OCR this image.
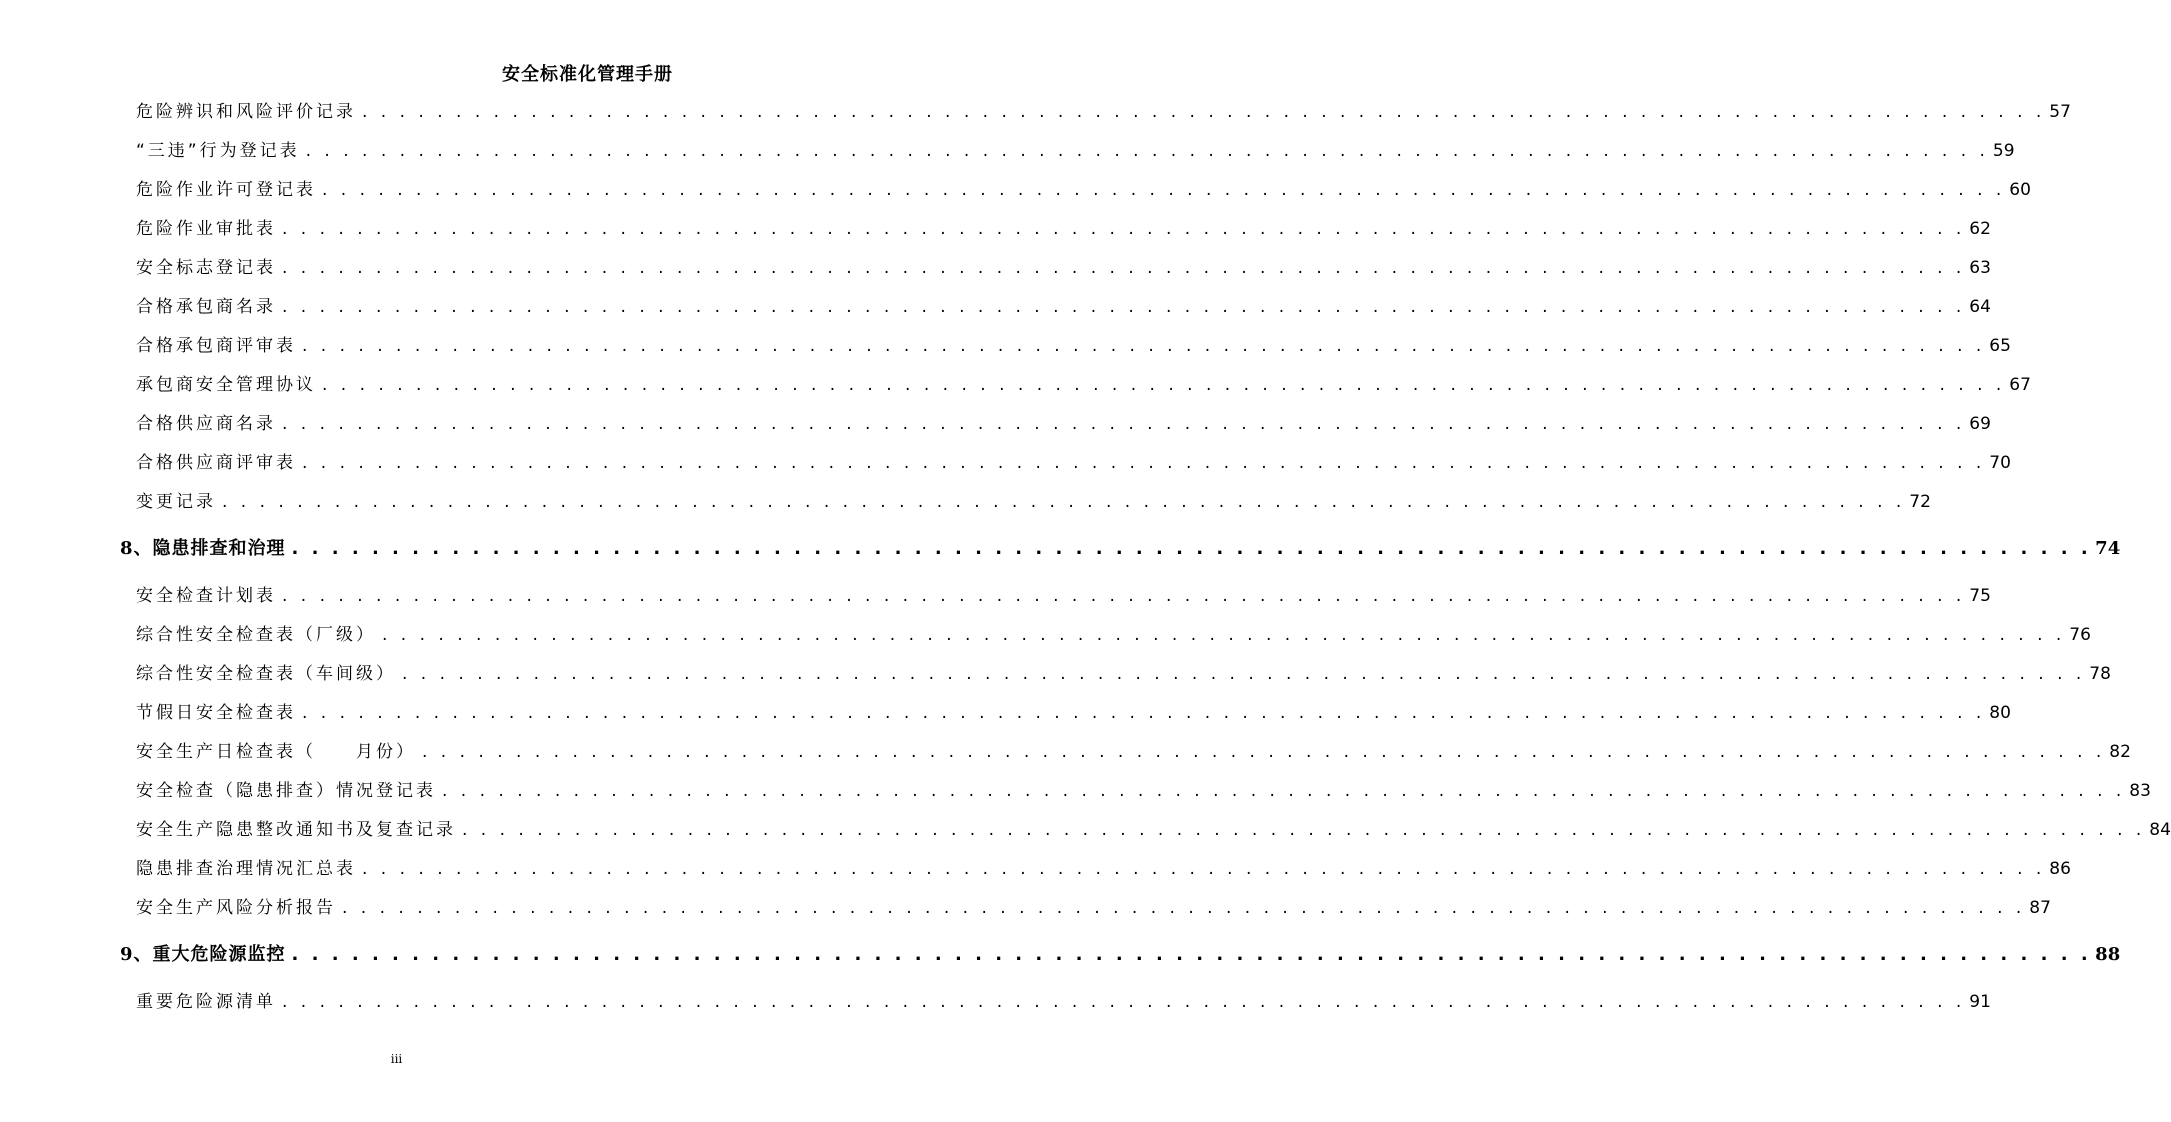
安全标准化管理手册
危险辨识和风险评价记录 . . . . . . . . . . . . . . . . . . . . . . . . . . . . . . . . . . . . . . . . . . . . . . . . . . . . . . . . . . . . . . . . . . . . . . . . . . . . . . . . . . . . . . . . . . 57
“三违”行为登记表 . . . . . . . . . . . . . . . . . . . . . . . . . . . . . . . . . . . . . . . . . . . . . . . . . . . . . . . . . . . . . . . . . . . . . . . . . . . . . . . . . . . . . . . . . . 59
危险作业许可登记表 . . . . . . . . . . . . . . . . . . . . . . . . . . . . . . . . . . . . . . . . . . . . . . . . . . . . . . . . . . . . . . . . . . . . . . . . . . . . . . . . . . . . . . . . . . 60
危险作业审批表 . . . . . . . . . . . . . . . . . . . . . . . . . . . . . . . . . . . . . . . . . . . . . . . . . . . . . . . . . . . . . . . . . . . . . . . . . . . . . . . . . . . . . . . . . . 62
安全标志登记表 . . . . . . . . . . . . . . . . . . . . . . . . . . . . . . . . . . . . . . . . . . . . . . . . . . . . . . . . . . . . . . . . . . . . . . . . . . . . . . . . . . . . . . . . . . 63
合格承包商名录 . . . . . . . . . . . . . . . . . . . . . . . . . . . . . . . . . . . . . . . . . . . . . . . . . . . . . . . . . . . . . . . . . . . . . . . . . . . . . . . . . . . . . . . . . . 64
合格承包商评审表 . . . . . . . . . . . . . . . . . . . . . . . . . . . . . . . . . . . . . . . . . . . . . . . . . . . . . . . . . . . . . . . . . . . . . . . . . . . . . . . . . . . . . . . . . . 65
承包商安全管理协议 . . . . . . . . . . . . . . . . . . . . . . . . . . . . . . . . . . . . . . . . . . . . . . . . . . . . . . . . . . . . . . . . . . . . . . . . . . . . . . . . . . . . . . . . . . 67
合格供应商名录 . . . . . . . . . . . . . . . . . . . . . . . . . . . . . . . . . . . . . . . . . . . . . . . . . . . . . . . . . . . . . . . . . . . . . . . . . . . . . . . . . . . . . . . . . . 69
合格供应商评审表 . . . . . . . . . . . . . . . . . . . . . . . . . . . . . . . . . . . . . . . . . . . . . . . . . . . . . . . . . . . . . . . . . . . . . . . . . . . . . . . . . . . . . . . . . . 70
变更记录 . . . . . . . . . . . . . . . . . . . . . . . . . . . . . . . . . . . . . . . . . . . . . . . . . . . . . . . . . . . . . . . . . . . . . . . . . . . . . . . . . . . . . . . . . . 72
8、隐患排查和治理 . . . . . . . . . . . . . . . . . . . . . . . . . . . . . . . . . . . . . . . . . . . . . . . . . . . . . . . . . . . . . . . . . . . . . . . . . . . . . . . . . . . . . . . . . . 74
安全检查计划表 . . . . . . . . . . . . . . . . . . . . . . . . . . . . . . . . . . . . . . . . . . . . . . . . . . . . . . . . . . . . . . . . . . . . . . . . . . . . . . . . . . . . . . . . . . 75
综合性安全检查表（厂级） . . . . . . . . . . . . . . . . . . . . . . . . . . . . . . . . . . . . . . . . . . . . . . . . . . . . . . . . . . . . . . . . . . . . . . . . . . . . . . . . . . . . . . . . . . 76
综合性安全检查表（车间级） . . . . . . . . . . . . . . . . . . . . . . . . . . . . . . . . . . . . . . . . . . . . . . . . . . . . . . . . . . . . . . . . . . . . . . . . . . . . . . . . . . . . . . . . . . 78
节假日安全检查表 . . . . . . . . . . . . . . . . . . . . . . . . . . . . . . . . . . . . . . . . . . . . . . . . . . . . . . . . . . . . . . . . . . . . . . . . . . . . . . . . . . . . . . . . . . 80
安全生产日检查表（　　月份） . . . . . . . . . . . . . . . . . . . . . . . . . . . . . . . . . . . . . . . . . . . . . . . . . . . . . . . . . . . . . . . . . . . . . . . . . . . . . . . . . . . . . . . . . . 82
安全检查（隐患排查）情况登记表 . . . . . . . . . . . . . . . . . . . . . . . . . . . . . . . . . . . . . . . . . . . . . . . . . . . . . . . . . . . . . . . . . . . . . . . . . . . . . . . . . . . . . . . . . . 83
安全生产隐患整改通知书及复查记录 . . . . . . . . . . . . . . . . . . . . . . . . . . . . . . . . . . . . . . . . . . . . . . . . . . . . . . . . . . . . . . . . . . . . . . . . . . . . . . . . . . . . . . . . . . 84
隐患排查治理情况汇总表 . . . . . . . . . . . . . . . . . . . . . . . . . . . . . . . . . . . . . . . . . . . . . . . . . . . . . . . . . . . . . . . . . . . . . . . . . . . . . . . . . . . . . . . . . . 86
安全生产风险分析报告 . . . . . . . . . . . . . . . . . . . . . . . . . . . . . . . . . . . . . . . . . . . . . . . . . . . . . . . . . . . . . . . . . . . . . . . . . . . . . . . . . . . . . . . . . . 87
9、重大危险源监控 . . . . . . . . . . . . . . . . . . . . . . . . . . . . . . . . . . . . . . . . . . . . . . . . . . . . . . . . . . . . . . . . . . . . . . . . . . . . . . . . . . . . . . . . . . 88
重要危险源清单 . . . . . . . . . . . . . . . . . . . . . . . . . . . . . . . . . . . . . . . . . . . . . . . . . . . . . . . . . . . . . . . . . . . . . . . . . . . . . . . . . . . . . . . . . . 91
iii
